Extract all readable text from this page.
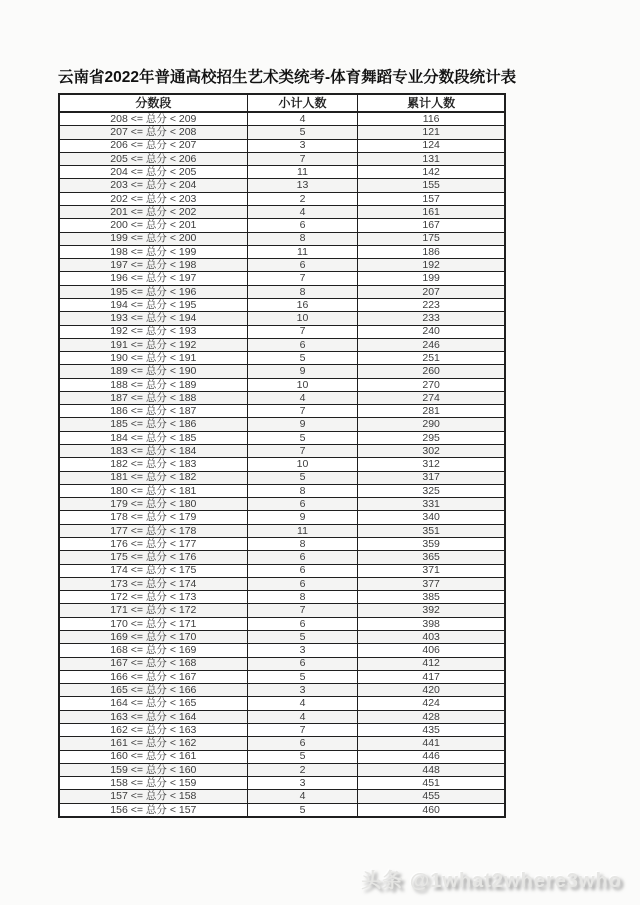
云南省2022年普通高校招生艺术类统考-体育舞蹈专业分数段统计表
分数段	小计人数	累计人数
208 <= 总分 < 209	4	116
207 <= 总分 < 208	5	121
206 <= 总分 < 207	3	124
205 <= 总分 < 206	7	131
204 <= 总分 < 205	11	142
203 <= 总分 < 204	13	155
202 <= 总分 < 203	2	157
201 <= 总分 < 202	4	161
200 <= 总分 < 201	6	167
199 <= 总分 < 200	8	175
198 <= 总分 < 199	11	186
197 <= 总分 < 198	6	192
196 <= 总分 < 197	7	199
195 <= 总分 < 196	8	207
194 <= 总分 < 195	16	223
193 <= 总分 < 194	10	233
192 <= 总分 < 193	7	240
191 <= 总分 < 192	6	246
190 <= 总分 < 191	5	251
189 <= 总分 < 190	9	260
188 <= 总分 < 189	10	270
187 <= 总分 < 188	4	274
186 <= 总分 < 187	7	281
185 <= 总分 < 186	9	290
184 <= 总分 < 185	5	295
183 <= 总分 < 184	7	302
182 <= 总分 < 183	10	312
181 <= 总分 < 182	5	317
180 <= 总分 < 181	8	325
179 <= 总分 < 180	6	331
178 <= 总分 < 179	9	340
177 <= 总分 < 178	11	351
176 <= 总分 < 177	8	359
175 <= 总分 < 176	6	365
174 <= 总分 < 175	6	371
173 <= 总分 < 174	6	377
172 <= 总分 < 173	8	385
171 <= 总分 < 172	7	392
170 <= 总分 < 171	6	398
169 <= 总分 < 170	5	403
168 <= 总分 < 169	3	406
167 <= 总分 < 168	6	412
166 <= 总分 < 167	5	417
165 <= 总分 < 166	3	420
164 <= 总分 < 165	4	424
163 <= 总分 < 164	4	428
162 <= 总分 < 163	7	435
161 <= 总分 < 162	6	441
160 <= 总分 < 161	5	446
159 <= 总分 < 160	2	448
158 <= 总分 < 159	3	451
157 <= 总分 < 158	4	455
156 <= 总分 < 157	5	460
头条 @1what2where3who
